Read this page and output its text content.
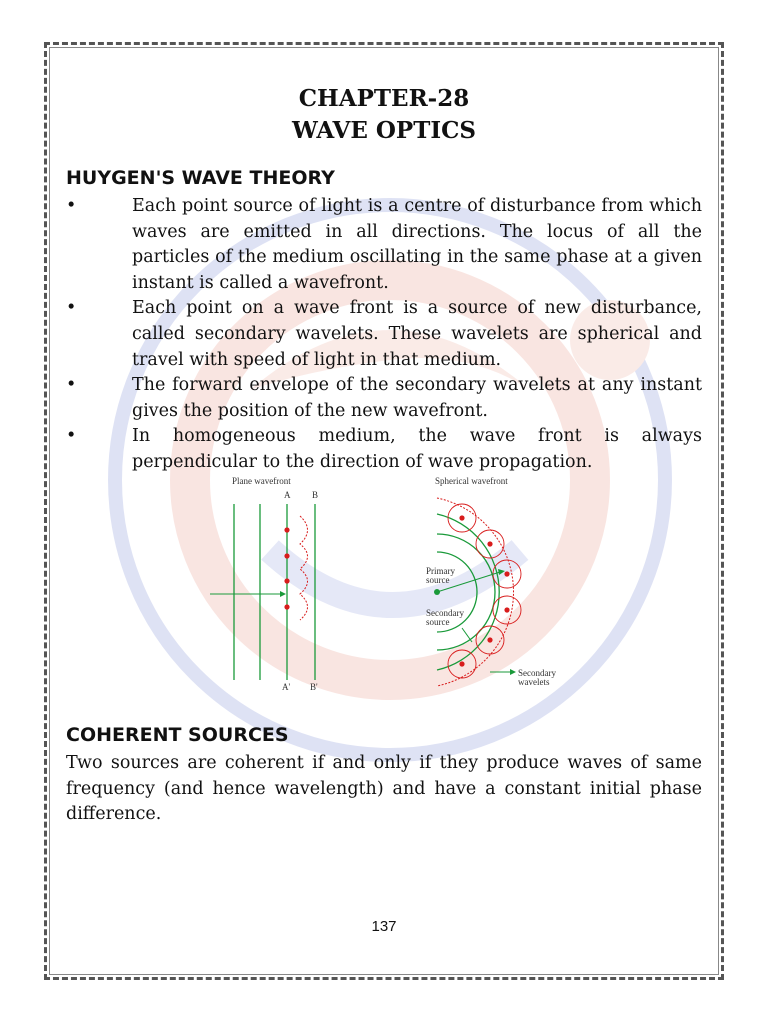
CHAPTER-28
WAVE OPTICS
HUYGEN'S WAVE THEORY
• Each point source of light is a centre of disturbance from which waves are emitted in all directions. The locus of all the particles of the medium oscillating in the same phase at a given instant is called a wavefront.
• Each point on a wave front is a source of new disturbance, called secondary wavelets. These wavelets are spherical and travel with speed of light in that medium.
• The forward envelope of the secondary wavelets at any instant gives the position of the new wavefront.
• In homogeneous medium, the wave front is always perpendicular to the direction of wave propagation.
Plane wavefront
A B
A' B'
Spherical wavefront
Primary
source
Secondary
source
Secondary
wavelets
COHERENT SOURCES

Two sources are coherent if and only if they produce waves of same frequency (and hence wavelength) and have a constant initial phase difference.

137
